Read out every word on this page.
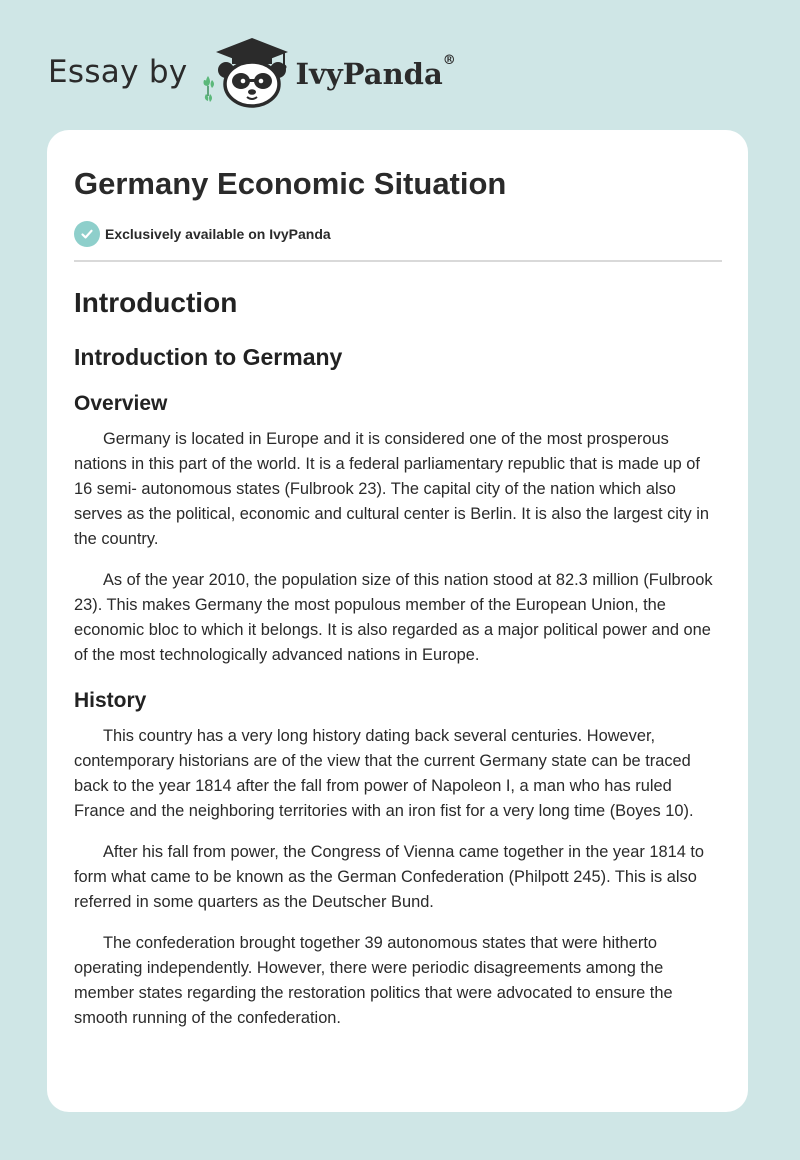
Essay by	IvyPanda®
Germany Economic Situation
Exclusively available on IvyPanda
Introduction
Introduction to Germany
Overview

Germany is located in Europe and it is considered one of the most prosperous nations in this part of the world. It is a federal parliamentary republic that is made up of 16 semi- autonomous states (Fulbrook 23). The capital city of the nation which also serves as the political, economic and cultural center is Berlin. It is also the largest city in the country.

As of the year 2010, the population size of this nation stood at 82.3 million (Fulbrook 23). This makes Germany the most populous member of the European Union, the economic bloc to which it belongs. It is also regarded as a major political power and one of the most technologically advanced nations in Europe.

History

This country has a very long history dating back several centuries. However, contemporary historians are of the view that the current Germany state can be traced back to the year 1814 after the fall from power of Napoleon I, a man who has ruled France and the neighboring territories with an iron fist for a very long time (Boyes 10).

After his fall from power, the Congress of Vienna came together in the year 1814 to form what came to be known as the German Confederation (Philpott 245). This is also referred in some quarters as the Deutscher Bund.

The confederation brought together 39 autonomous states that were hitherto operating independently. However, there were periodic disagreements among the member states regarding the restoration politics that were advocated to ensure the smooth running of the confederation.
